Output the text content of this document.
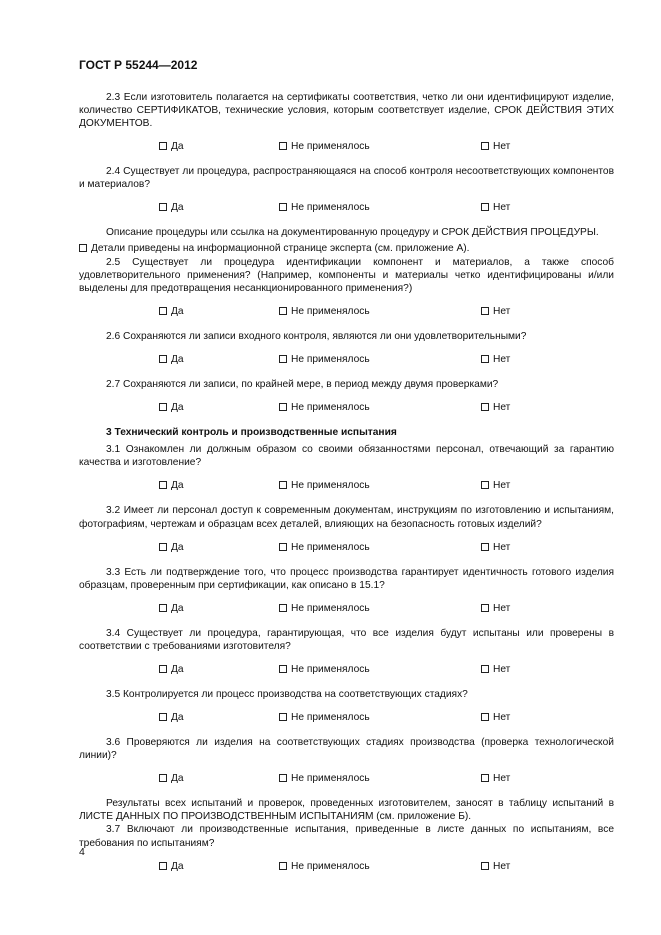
ГОСТ Р 55244—2012

2.3 Если изготовитель полагается на сертификаты соответствия, четко ли они идентифицируют изделие, количество СЕРТИФИКАТОВ, технические условия, которым соответствует изделие, СРОК ДЕЙСТВИЯ ЭТИХ ДОКУМЕНТОВ.

Да	Не применялось	Нет

2.4 Существует ли процедура, распространяющаяся на способ контроля несоответствующих компонентов и материалов?

Да	Не применялось	Нет

Описание процедуры или ссылка на документированную процедуру и СРОК ДЕЙСТВИЯ ПРОЦЕДУРЫ.

Детали приведены на информационной странице эксперта (см. приложение А).

2.5 Существует ли процедура идентификации компонент и материалов, а также способ удовлетворительного применения? (Например, компоненты и материалы четко идентифицированы и/или выделены для предотвращения несанкционированного применения?)

Да	Не применялось	Нет

2.6 Сохраняются ли записи входного контроля, являются ли они удовлетворительными?

Да	Не применялось	Нет

2.7 Сохраняются ли записи, по крайней мере, в период между двумя проверками?

Да	Не применялось	Нет

3 Технический контроль и производственные испытания

3.1 Ознакомлен ли должным образом со своими обязанностями персонал, отвечающий за гарантию качества и изготовление?

Да	Не применялось	Нет

3.2 Имеет ли персонал доступ к современным документам, инструкциям по изготовлению и испытаниям, фотографиям, чертежам и образцам всех деталей, влияющих на безопасность готовых изделий?

Да	Не применялось	Нет

3.3 Есть ли подтверждение того, что процесс производства гарантирует идентичность готового изделия образцам, проверенным при сертификации, как описано в 15.1?

Да	Не применялось	Нет

3.4 Существует ли процедура, гарантирующая, что все изделия будут испытаны или проверены в соответствии с требованиями изготовителя?

Да	Не применялось	Нет

3.5 Контролируется ли процесс производства на соответствующих стадиях?

Да	Не применялось	Нет

3.6 Проверяются ли изделия на соответствующих стадиях производства (проверка технологической линии)?

Да	Не применялось	Нет

Результаты всех испытаний и проверок, проведенных изготовителем, заносят в таблицу испытаний в ЛИСТЕ ДАННЫХ ПО ПРОИЗВОДСТВЕННЫМ ИСПЫТАНИЯМ (см. приложение Б).

3.7 Включают ли производственные испытания, приведенные в листе данных по испытаниям, все требования по испытаниям?

Да	Не применялось	Нет
4
